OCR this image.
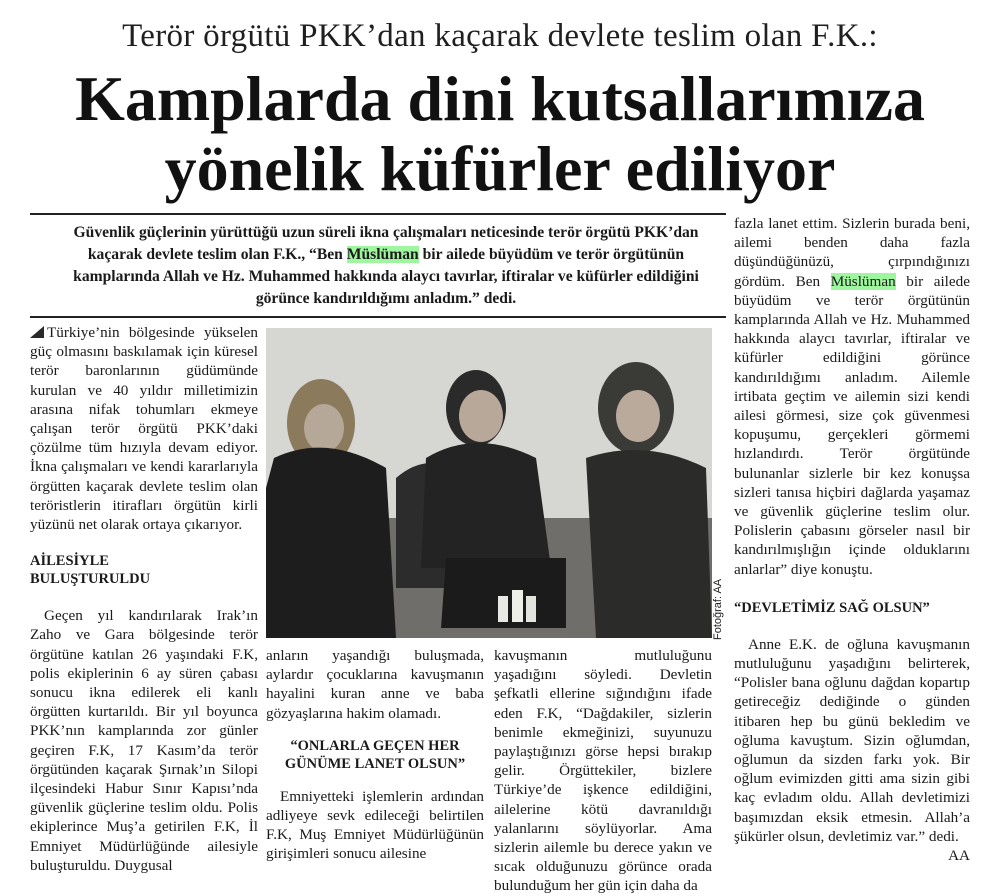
Terör örgütü PKK’dan kaçarak devlete teslim olan F.K.:
Kamplarda dini kutsallarımıza
yönelik küfürler ediliyor
Güvenlik güçlerinin yürüttüğü uzun süreli ikna çalışmaları neticesinde terör örgütü PKK’dan kaçarak devlete teslim olan F.K., “Ben Müslüman bir ailede büyüdüm ve terör örgütünün kamplarında Allah ve Hz. Muhammed hakkında alaycı tavırlar, iftiralar ve küfürler edildiğini görünce kandırıldığımı anladım.” dedi.

Türkiye’nin bölgesinde yükselen güç olmasını baskılamak için küresel terör baronlarının güdümünde kurulan ve 40 yıldır milletimizin arasına nifak tohumları ekmeye çalışan terör örgütü PKK’daki çözülme tüm hızıyla devam ediyor. İkna çalışmaları ve kendi kararlarıyla örgütten kaçarak devlete teslim olan teröristlerin itirafları örgütün kirli yüzünü net olarak ortaya çıkarıyor.

AİLESİYLE
BULUŞTURULDU

Geçen yıl kandırılarak Irak’ın Zaho ve Gara bölgesinde terör örgütüne katılan 26 yaşındaki F.K, polis ekiplerinin 6 ay süren çabası sonucu ikna edilerek eli kanlı örgütten kurtarıldı. Bir yıl boyunca PKK’nın kamplarında zor günler geçiren F.K, 17 Kasım’da terör örgütünden kaçarak Şırnak’ın Silopi ilçesindeki Habur Sınır Kapısı’nda güvenlik güçlerine teslim oldu. Polis ekiplerince Muş’a getirilen F.K, İl Emniyet Müdürlüğünde ailesiyle buluşturuldu. Duygusal

Fotoğraf: AA

anların yaşandığı buluşmada, aylardır çocuklarına kavuşmanın hayalini kuran anne ve baba gözyaşlarına hakim olamadı.

“ONLARLA GEÇEN HER GÜNÜME LANET OLSUN”

Emniyetteki işlemlerin ardından adliyeye sevk edileceği belirtilen F.K, Muş Emniyet Müdürlüğünün girişimleri sonucu ailesine

kavuşmanın mutluluğunu yaşadığını söyledi. Devletin şefkatli ellerine sığındığını ifade eden F.K, “Dağdakiler, sizlerin benimle ekmeğinizi, suyunuzu paylaştığınızı görse hepsi bırakıp gelir. Örgüttekiler, bizlere Türkiye’de işkence edildiğini, ailelerine kötü davranıldığı yalanlarını söylüyorlar. Ama sizlerin ailemle bu derece yakın ve sıcak olduğunuzu görünce orada bulunduğum her gün için daha da

fazla lanet ettim. Sizlerin burada beni, ailemi benden daha fazla düşündüğünüzü, çırpındığınızı gördüm. Ben Müslüman bir ailede büyüdüm ve terör örgütünün kamplarında Allah ve Hz. Muhammed hakkında alaycı tavırlar, iftiralar ve küfürler edildiğini görünce kandırıldığımı anladım. Ailemle irtibata geçtim ve ailemin sizi kendi ailesi görmesi, size çok güvenmesi kopuşumu, gerçekleri görmemi hızlandırdı. Terör örgütünde bulunanlar sizlerle bir kez konuşsa sizleri tanısa hiçbiri dağlarda yaşamaz ve güvenlik güçlerine teslim olur. Polislerin çabasını görseler nasıl bir kandırılmışlığın içinde olduklarını anlarlar” diye konuştu.

“DEVLETİMİZ SAĞ OLSUN”

Anne E.K. de oğluna kavuşmanın mutluluğunu yaşadığını belirterek, “Polisler bana oğlunu dağdan kopartıp getireceğiz dediğinde o günden itibaren hep bu günü bekledim ve oğluma kavuştum. Sizin oğlumdan, oğlumun da sizden farkı yok. Bir oğlum evimizden gitti ama sizin gibi kaç evladım oldu. Allah devletimizi başımızdan eksik etmesin. Allah’a şükürler olsun, devletimiz var.” dedi.

AA
